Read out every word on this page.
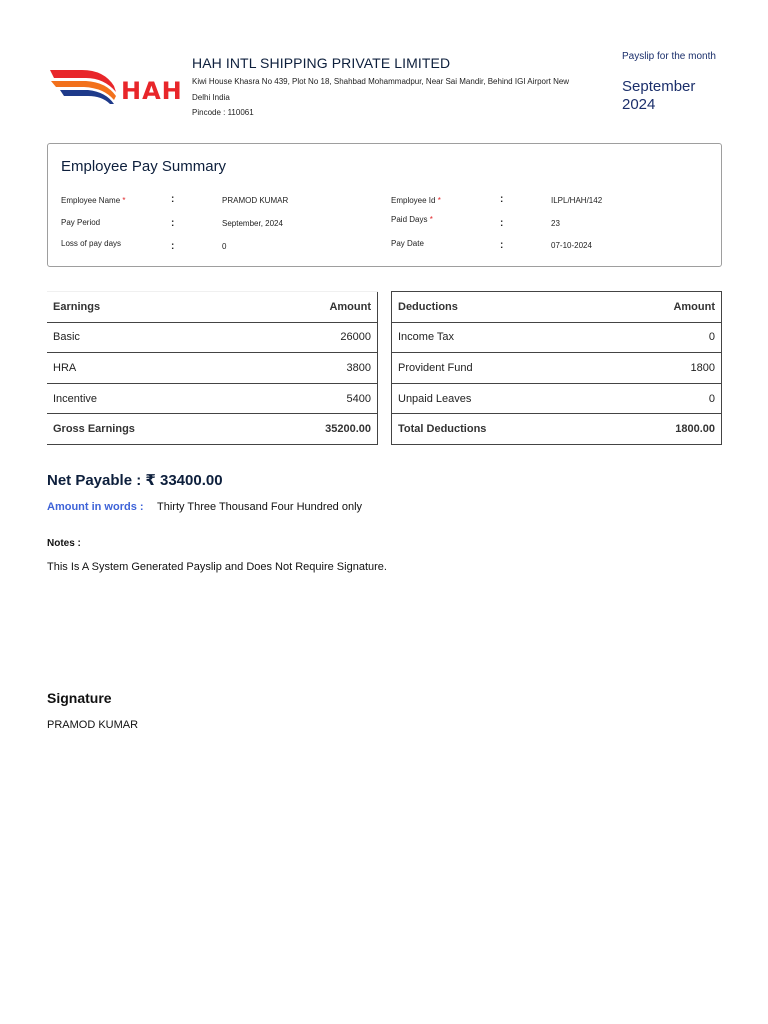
HAH
HAH INTL SHIPPING PRIVATE LIMITED
Kiwi House Khasra No 439, Plot No 18, Shahbad Mohammadpur, Near Sai Mandir, Behind IGI Airport New Delhi India
Pincode : 110061
Payslip for the month
September 2024
Employee Pay Summary
Employee Name *	:	PRAMOD KUMAR
Pay Period	:	September, 2024
Loss of pay days	:	0
Employee Id *	:	ILPL/HAH/142
Paid Days *	:	23
Pay Date	:	07-10-2024
Earnings	Amount
Basic	26000
HRA	3800
Incentive	5400
Gross Earnings	35200.00
Deductions	Amount
Income Tax	0
Provident Fund	1800
Unpaid Leaves	0
Total Deductions	1800.00
Net Payable : ₹ 33400.00
Amount in words : Thirty Three Thousand Four Hundred only
Notes :
This Is A System Generated Payslip and Does Not Require Signature.
Signature
PRAMOD KUMAR
